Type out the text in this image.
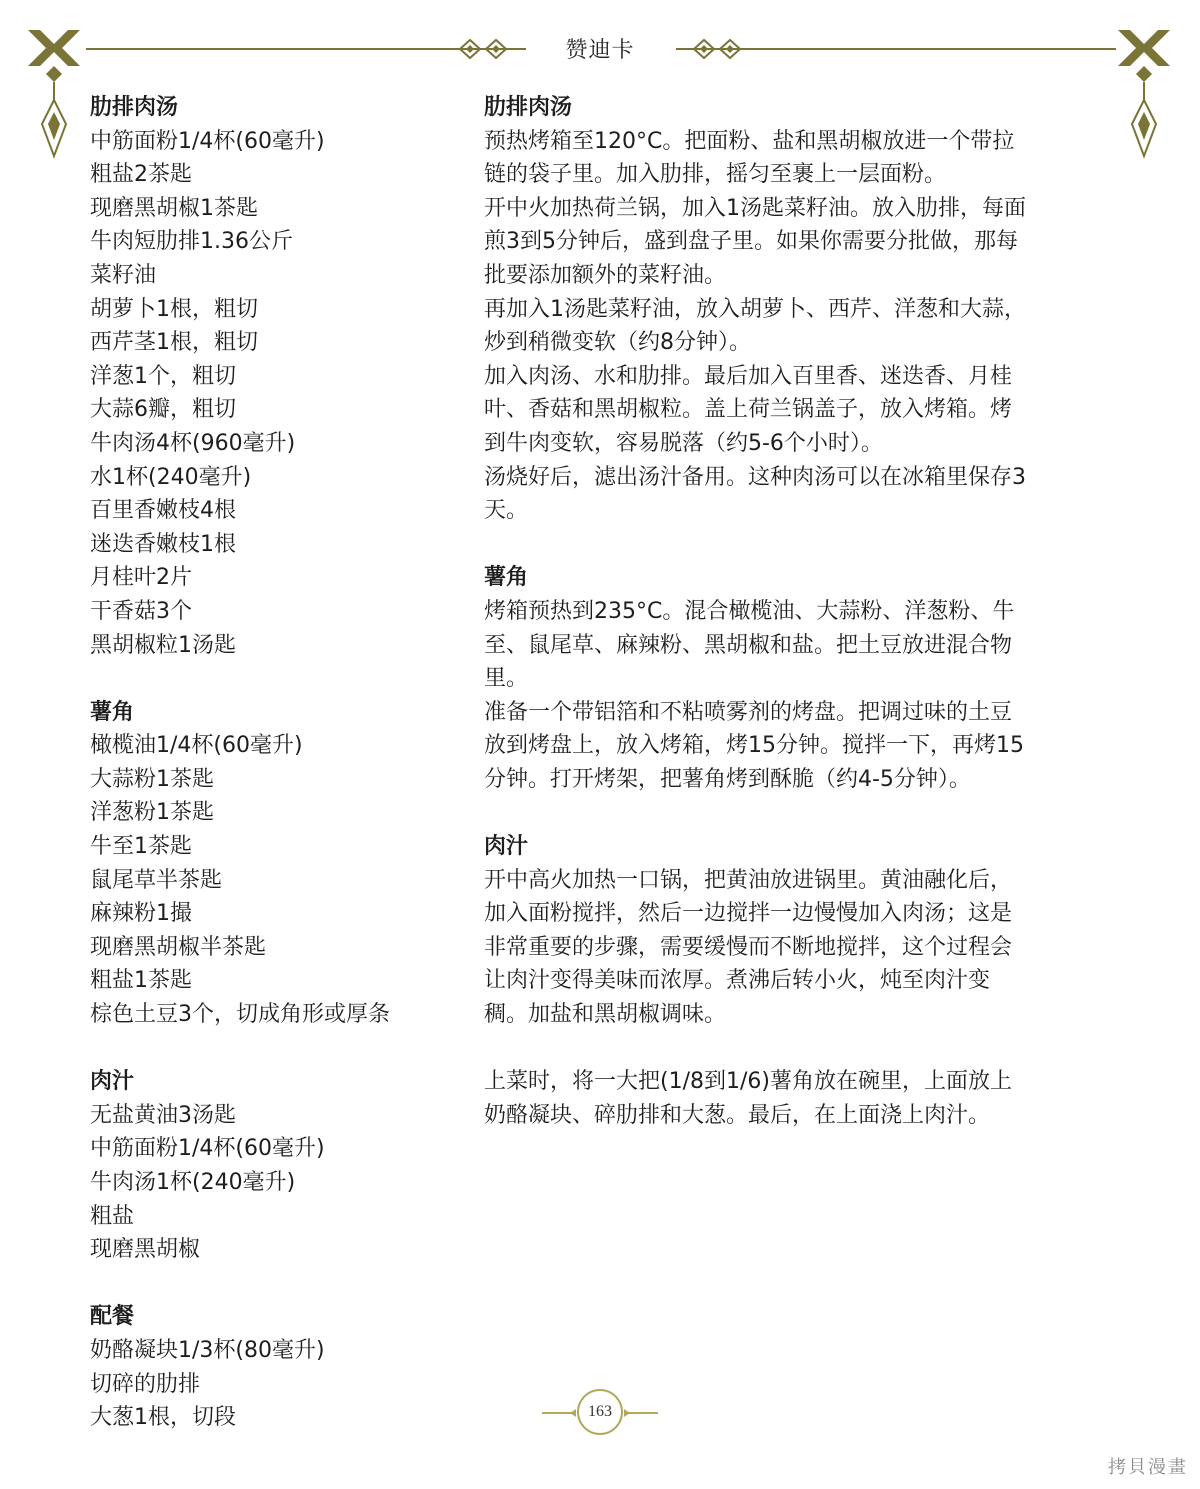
赞迪卡

肋排肉汤

中筋面粉1/4杯(60毫升)

粗盐2茶匙

现磨黑胡椒1茶匙

牛肉短肋排1.36公斤

菜籽油

胡萝卜1根，粗切

西芹茎1根，粗切

洋葱1个，粗切

大蒜6瓣，粗切

牛肉汤4杯(960毫升)

水1杯(240毫升)

百里香嫩枝4根

迷迭香嫩枝1根

月桂叶2片

干香菇3个

黑胡椒粒1汤匙

薯角

橄榄油1/4杯(60毫升)

大蒜粉1茶匙

洋葱粉1茶匙

牛至1茶匙

鼠尾草半茶匙

麻辣粉1撮

现磨黑胡椒半茶匙

粗盐1茶匙

棕色土豆3个，切成角形或厚条

肉汁

无盐黄油3汤匙

中筋面粉1/4杯(60毫升)

牛肉汤1杯(240毫升)

粗盐

现磨黑胡椒

配餐

奶酪凝块1/3杯(80毫升)

切碎的肋排

大葱1根，切段

肋排肉汤

预热烤箱至120°C。把面粉、盐和黑胡椒放进一个带拉

链的袋子里。加入肋排，摇匀至裹上一层面粉。

开中火加热荷兰锅，加入1汤匙菜籽油。放入肋排，每面

煎3到5分钟后，盛到盘子里。如果你需要分批做，那每

批要添加额外的菜籽油。

再加入1汤匙菜籽油，放入胡萝卜、西芹、洋葱和大蒜，

炒到稍微变软（约8分钟）。

加入肉汤、水和肋排。最后加入百里香、迷迭香、月桂

叶、香菇和黑胡椒粒。盖上荷兰锅盖子，放入烤箱。烤

到牛肉变软，容易脱落（约5-6个小时）。

汤烧好后，滤出汤汁备用。这种肉汤可以在冰箱里保存3

天。

薯角

烤箱预热到235°C。混合橄榄油、大蒜粉、洋葱粉、牛

至、鼠尾草、麻辣粉、黑胡椒和盐。把土豆放进混合物

里。

准备一个带铝箔和不粘喷雾剂的烤盘。把调过味的土豆

放到烤盘上，放入烤箱，烤15分钟。搅拌一下，再烤15

分钟。打开烤架，把薯角烤到酥脆（约4-5分钟）。

肉汁

开中高火加热一口锅，把黄油放进锅里。黄油融化后，

加入面粉搅拌，然后一边搅拌一边慢慢加入肉汤；这是

非常重要的步骤，需要缓慢而不断地搅拌，这个过程会

让肉汁变得美味而浓厚。煮沸后转小火，炖至肉汁变

稠。加盐和黑胡椒调味。

上菜时，将一大把(1/8到1/6)薯角放在碗里，上面放上

奶酪凝块、碎肋排和大葱。最后，在上面浇上肉汁。

163
拷貝漫畫
